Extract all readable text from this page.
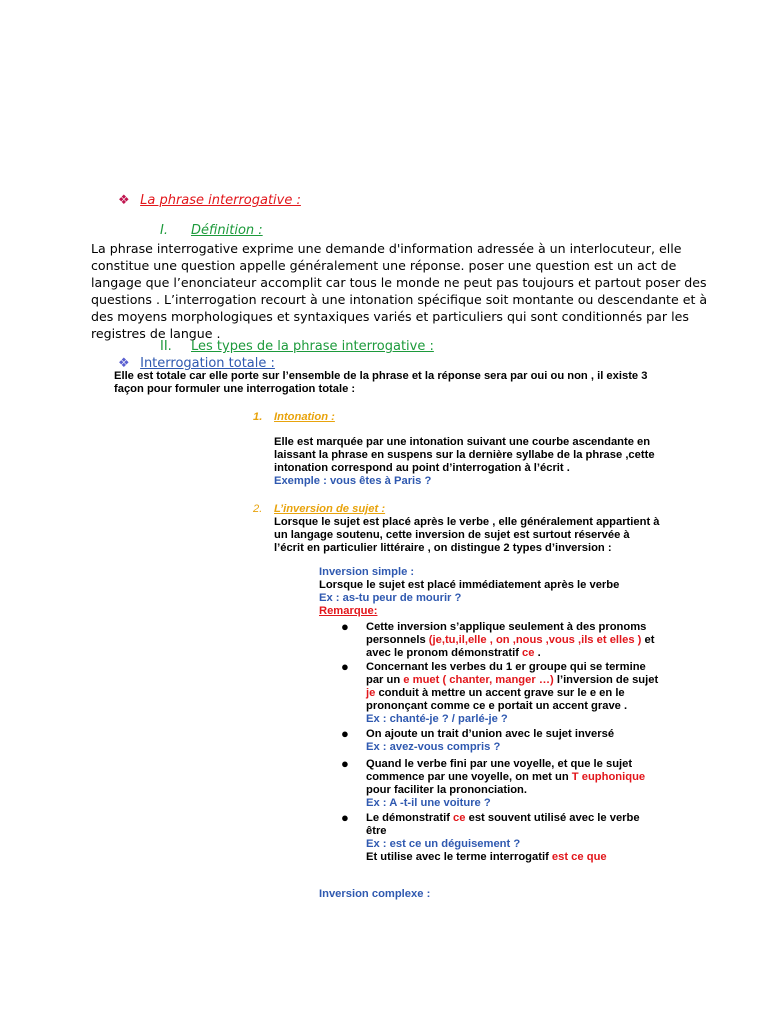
❖ La phrase interrogative :
I. Définition :
La phrase interrogative exprime une demande d'information adressée à un interlocuteur, elle
constitue une question appelle généralement une réponse. poser une question est un act de
langage que l’enonciateur accomplit car tous le monde ne peut pas toujours et partout poser des
questions . L’interrogation recourt à une intonation spécifique soit montante ou descendante et à
des moyens morphologiques et syntaxiques variés et particuliers qui sont conditionnés par les
registres de langue .
II. Les types de la phrase interrogative :
❖ Interrogation totale :
Elle est totale car elle porte sur l’ensemble de la phrase et la réponse sera par oui ou non , il existe 3
façon pour formuler une interrogation totale :
1. Intonation :
Elle est marquée par une intonation suivant une courbe ascendante en
laissant la phrase en suspens sur la dernière syllabe de la phrase ,cette
intonation correspond au point d’interrogation à l’écrit .
Exemple : vous êtes à Paris ?
2. L’inversion de sujet :
Lorsque le sujet est placé après le verbe , elle généralement appartient à
un langage soutenu, cette inversion de sujet est surtout réservée à
l’écrit en particulier littéraire , on distingue 2 types d’inversion :
Inversion simple :
Lorsque le sujet est placé immédiatement après le verbe
Ex : as-tu peur de mourir ?
Remarque:
● Cette inversion s’applique seulement à des pronoms
personnels (je,tu,il,elle , on ,nous ,vous ,ils et elles ) et
avec le pronom démonstratif ce .
● Concernant les verbes du 1 er groupe qui se termine
par un e muet ( chanter, manger …) l’inversion de sujet
je conduit à mettre un accent grave sur le e en le
prononçant comme ce e portait un accent grave .
Ex : chanté-je ? / parlé-je ?
● On ajoute un trait d’union avec le sujet inversé
Ex : avez-vous compris ?
● Quand le verbe fini par une voyelle, et que le sujet
commence par une voyelle, on met un T euphonique
pour faciliter la prononciation.
Ex : A -t-il une voiture ?
● Le démonstratif ce est souvent utilisé avec le verbe
être
Ex : est ce un déguisement ?
Et utilise avec le terme interrogatif est ce que
Inversion complexe :
